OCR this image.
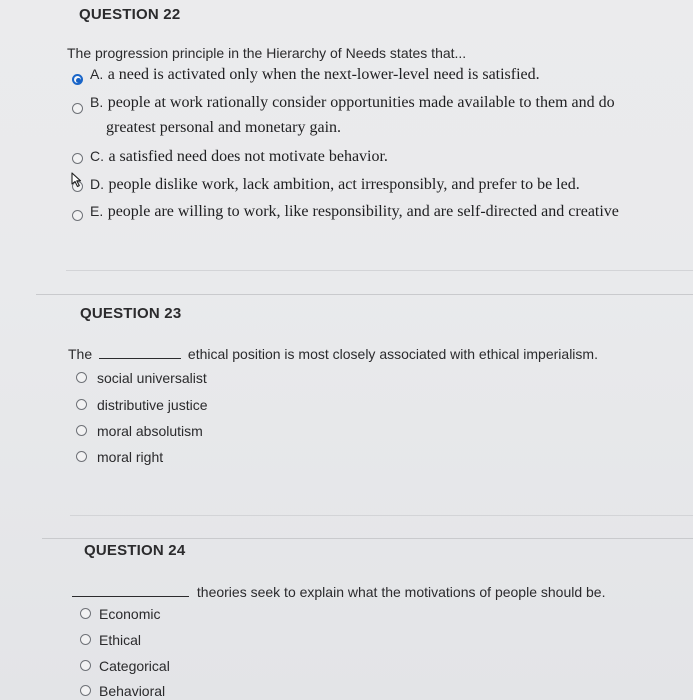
QUESTION 22
The progression principle in the Hierarchy of Needs states that...
A. a need is activated only when the next-lower-level need is satisfied.
B. people at work rationally consider opportunities made available to them and do
greatest personal and monetary gain.
C. a satisfied need does not motivate behavior.
D. people dislike work, lack ambition, act irresponsibly, and prefer to be led.
E. people are willing to work, like responsibility, and are self-directed and creative
QUESTION 23
The	ethical position is most closely associated with ethical imperialism.
social universalist
distributive justice
moral absolutism
moral right
QUESTION 24
theories seek to explain what the motivations of people should be.
Economic
Ethical
Categorical
Behavioral
